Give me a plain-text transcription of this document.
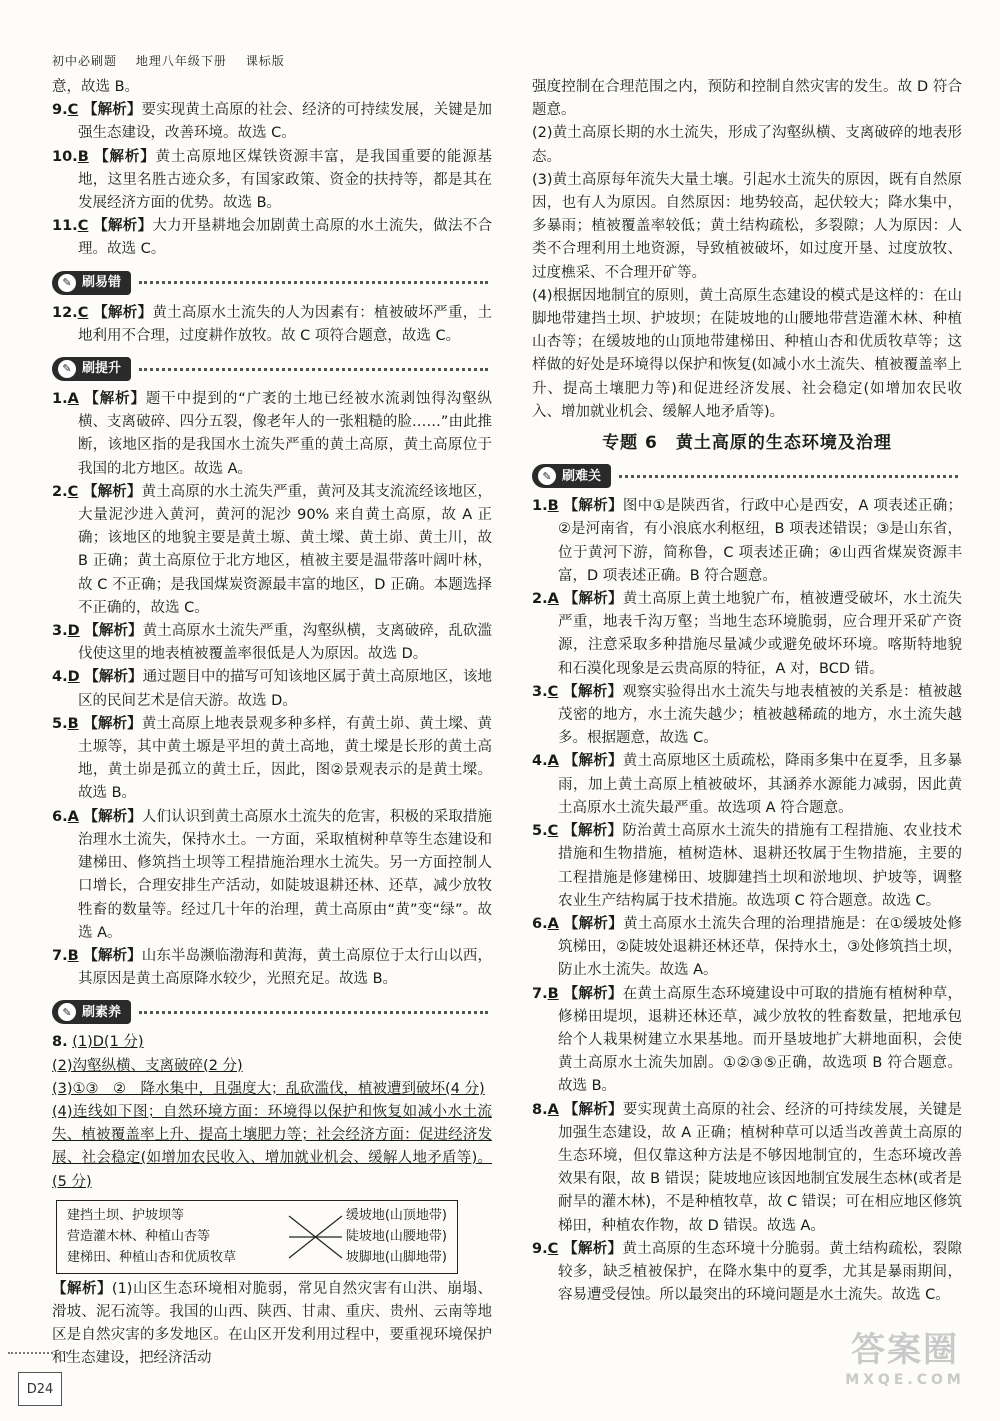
初中必刷题 地理八年级下册 课标版

意，故选 B。

9.C 【解析】要实现黄土高原的社会、经济的可持续发展，关键是加强生态建设，改善环境。故选 C。

10.B 【解析】黄土高原地区煤铁资源丰富，是我国重要的能源基地，这里名胜古迹众多，有国家政策、资金的扶持等，都是其在发展经济方面的优势。故选 B。

11.C 【解析】大力开垦耕地会加剧黄土高原的水土流失，做法不合理。故选 C。

✎ 刷易错

12.C 【解析】黄土高原水土流失的人为因素有：植被破坏严重，土地利用不合理，过度耕作放牧。故 C 项符合题意，故选 C。

✎ 刷提升

1.A 【解析】题干中提到的“广袤的土地已经被水流剥蚀得沟壑纵横、支离破碎、四分五裂，像老年人的一张粗糙的脸……”由此推断，该地区指的是我国水土流失严重的黄土高原，黄土高原位于我国的北方地区。故选 A。

2.C 【解析】黄土高原的水土流失严重，黄河及其支流流经该地区，大量泥沙进入黄河，黄河的泥沙 90% 来自黄土高原，故 A 正确；该地区的地貌主要是黄土塬、黄土墚、黄土峁、黄土川，故 B 正确；黄土高原位于北方地区，植被主要是温带落叶阔叶林，故 C 不正确；是我国煤炭资源最丰富的地区，D 正确。本题选择不正确的，故选 C。

3.D 【解析】黄土高原水土流失严重，沟壑纵横，支离破碎，乱砍滥伐使这里的地表植被覆盖率很低是人为原因。故选 D。

4.D 【解析】通过题目中的描写可知该地区属于黄土高原地区，该地区的民间艺术是信天游。故选 D。

5.B 【解析】黄土高原上地表景观多种多样，有黄土峁、黄土墚、黄土塬等，其中黄土塬是平坦的黄土高地，黄土墚是长形的黄土高地，黄土峁是孤立的黄土丘，因此，图②景观表示的是黄土墚。故选 B。

6.A 【解析】人们认识到黄土高原水土流失的危害，积极的采取措施治理水土流失，保持水土。一方面，采取植树种草等生态建设和建梯田、修筑挡土坝等工程措施治理水土流失。另一方面控制人口增长，合理安排生产活动，如陡坡退耕还林、还草，减少放牧牲畜的数量等。经过几十年的治理，黄土高原由“黄”变“绿”。故选 A。

7.B 【解析】山东半岛濒临渤海和黄海，黄土高原位于太行山以西，其原因是黄土高原降水较少，光照充足。故选 B。

✎ 刷素养

8. (1)D(1 分)

(2)沟壑纵横、支离破碎(2 分)

(3)①③　②　降水集中，且强度大；乱砍滥伐，植被遭到破坏(4 分)

(4)连线如下图；自然环境方面：环境得以保护和恢复如减小水土流失、植被覆盖率上升、提高土壤肥力等；社会经济方面：促进经济发展、社会稳定(如增加农民收入、增加就业机会、缓解人地矛盾等)。(5 分)

建挡土坝、护坡坝等
营造灌木林、种植山杏等
建梯田、种植山杏和优质牧草
缓坡地(山顶地带)
陡坡地(山腰地带)
坡脚地(山脚地带)

【解析】(1)山区生态环境相对脆弱，常见自然灾害有山洪、崩塌、滑坡、泥石流等。我国的山西、陕西、甘肃、重庆、贵州、云南等地区是自然灾害的多发地区。在山区开发利用过程中，要重视环境保护和生态建设，把经济活动

强度控制在合理范围之内，预防和控制自然灾害的发生。故 D 符合题意。

(2)黄土高原长期的水土流失，形成了沟壑纵横、支离破碎的地表形态。

(3)黄土高原每年流失大量土壤。引起水土流失的原因，既有自然原因，也有人为原因。自然原因：地势较高，起伏较大；降水集中，多暴雨；植被覆盖率较低；黄土结构疏松，多裂隙；人为原因：人类不合理利用土地资源，导致植被破坏，如过度开垦、过度放牧、过度樵采、不合理开矿等。

(4)根据因地制宜的原则，黄土高原生态建设的模式是这样的：在山脚地带建挡土坝、护坡坝；在陡坡地的山腰地带营造灌木林、种植山杏等；在缓坡地的山顶地带建梯田、种植山杏和优质牧草等；这样做的好处是环境得以保护和恢复(如减小水土流失、植被覆盖率上升、提高土壤肥力等)和促进经济发展、社会稳定(如增加农民收入、增加就业机会、缓解人地矛盾等)。

专题 6　黄土高原的生态环境及治理
✎ 刷难关

1.B 【解析】图中①是陕西省，行政中心是西安，A 项表述正确；②是河南省，有小浪底水利枢纽，B 项表述错误；③是山东省，位于黄河下游，简称鲁，C 项表述正确；④山西省煤炭资源丰富，D 项表述正确。B 符合题意。

2.A 【解析】黄土高原上黄土地貌广布，植被遭受破坏，水土流失严重，地表千沟万壑；当地生态环境脆弱，应合理开采矿产资源，注意采取多种措施尽量减少或避免破坏环境。喀斯特地貌和石漠化现象是云贵高原的特征，A 对，BCD 错。

3.C 【解析】观察实验得出水土流失与地表植被的关系是：植被越茂密的地方，水土流失越少；植被越稀疏的地方，水土流失越多。根据题意，故选 C。

4.A 【解析】黄土高原地区土质疏松，降雨多集中在夏季，且多暴雨，加上黄土高原上植被破坏，其涵养水源能力减弱，因此黄土高原水土流失最严重。故选项 A 符合题意。

5.C 【解析】防治黄土高原水土流失的措施有工程措施、农业技术措施和生物措施，植树造林、退耕还牧属于生物措施，主要的工程措施是修建梯田、坡脚建挡土坝和淤地坝、护坡等，调整农业生产结构属于技术措施。故选项 C 符合题意。故选 C。

6.A 【解析】黄土高原水土流失合理的治理措施是：在①缓坡处修筑梯田，②陡坡处退耕还林还草，保持水土，③处修筑挡土坝，防止水土流失。故选 A。

7.B 【解析】在黄土高原生态环境建设中可取的措施有植树种草，修梯田堤坝，退耕还林还草，减少放牧的牲畜数量，把地承包给个人栽果树建立水果基地。而开垦坡地扩大耕地面积，会使黄土高原水土流失加剧。①②③⑤正确，故选项 B 符合题意。故选 B。

8.A 【解析】要实现黄土高原的社会、经济的可持续发展，关键是加强生态建设，故 A 正确；植树种草可以适当改善黄土高原的生态环境，但仅靠这种方法是不够因地制宜的，生态环境改善效果有限，故 B 错误；陡坡地应该因地制宜发展生态林(或者是耐旱的灌木林)，不是种植牧草，故 C 错误；可在相应地区修筑梯田，种植农作物，故 D 错误。故选 A。

9.C 【解析】黄土高原的生态环境十分脆弱。黄土结构疏松，裂隙较多，缺乏植被保护，在降水集中的夏季，尤其是暴雨期间，容易遭受侵蚀。所以最突出的环境问题是水土流失。故选 C。

D24
答案圈
MXQE.COM
